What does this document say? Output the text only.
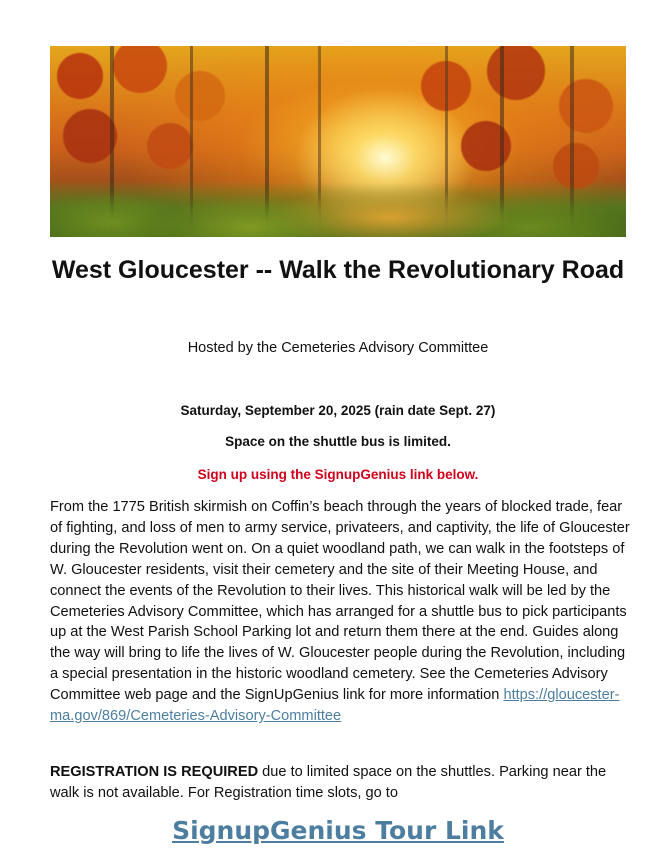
West Gloucester -- Walk the Revolutionary Road
Hosted by the Cemeteries Advisory Committee
Saturday, September 20, 2025 (rain date Sept. 27)
Space on the shuttle bus is limited.
Sign up using the SignupGenius link below.

From the 1775 British skirmish on Coffin’s beach through the years of blocked trade, fear of fighting, and loss of men to army service, privateers, and captivity, the life of Gloucester during the Revolution went on. On a quiet woodland path, we can walk in the footsteps of W. Gloucester residents, visit their cemetery and the site of their Meeting House, and connect the events of the Revolution to their lives. This historical walk will be led by the Cemeteries Advisory Committee, which has arranged for a shuttle bus to pick participants up at the West Parish School Parking lot and return them there at the end. Guides along the way will bring to life the lives of W. Gloucester people during the Revolution, including a special presentation in the historic woodland cemetery. See the Cemeteries Advisory Committee web page and the SignUpGenius link for more information https://gloucester-ma.gov/869/Cemeteries-Advisory-Committee

REGISTRATION IS REQUIRED due to limited space on the shuttles. Parking near the walk is not available. For Registration time slots, go to

SignupGenius Tour Link
